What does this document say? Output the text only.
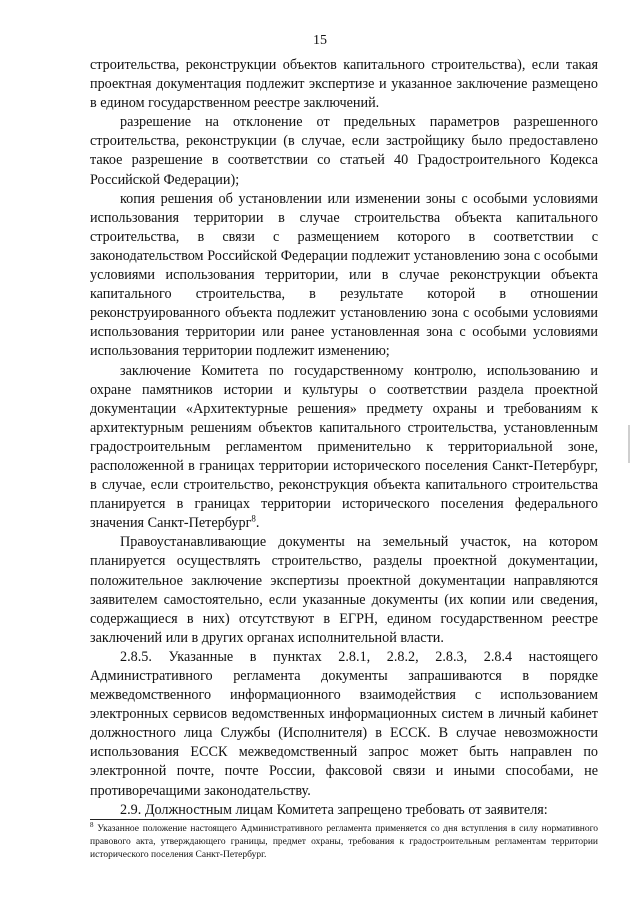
15

строительства, реконструкции объектов капитального строительства), если такая проектная документация подлежит экспертизе и указанное заключение размещено в едином государственном реестре заключений.

разрешение на отклонение от предельных параметров разрешенного строительства, реконструкции (в случае, если застройщику было предоставлено такое разрешение в соответствии со статьей 40 Градостроительного Кодекса Российской Федерации);

копия решения об установлении или изменении зоны с особыми условиями использования территории в случае строительства объекта капитального строительства, в связи с размещением которого в соответствии с законодательством Российской Федерации подлежит установлению зона с особыми условиями использования территории, или в случае реконструкции объекта капитального строительства, в результате которой в отношении реконструированного объекта подлежит установлению зона с особыми условиями использования территории или ранее установленная зона с особыми условиями использования территории подлежит изменению;

заключение Комитета по государственному контролю, использованию и охране памятников истории и культуры о соответствии раздела проектной документации «Архитектурные решения» предмету охраны и требованиям к архитектурным решениям объектов капитального строительства, установленным градостроительным регламентом применительно к территориальной зоне, расположенной в границах территории исторического поселения Санкт-Петербург, в случае, если строительство, реконструкция объекта капитального строительства планируется в границах территории исторического поселения федерального значения Санкт-Петербург$^8$.

Правоустанавливающие документы на земельный участок, на котором планируется осуществлять строительство, разделы проектной документации, положительное заключение экспертизы проектной документации направляются заявителем самостоятельно, если указанные документы (их копии или сведения, содержащиеся в них) отсутствуют в ЕГРН, едином государственном реестре заключений или в других органах исполнительной власти.

2.8.5. Указанные в пунктах 2.8.1, 2.8.2, 2.8.3, 2.8.4 настоящего Административного регламента документы запрашиваются в порядке межведомственного информационного взаимодействия с использованием электронных сервисов ведомственных информационных систем в личный кабинет должностного лица Службы (Исполнителя) в ЕССК. В случае невозможности использования ЕССК межведомственный запрос может быть направлен по электронной почте, почте России, факсовой связи и иными способами, не противоречащими законодательству.

2.9. Должностным лицам Комитета запрещено требовать от заявителя:

$^8$ Указанное положение настоящего Административного регламента применяется со дня вступления в силу нормативного правового акта, утверждающего границы, предмет охраны, требования к градостроительным регламентам территории исторического поселения Санкт-Петербург.
